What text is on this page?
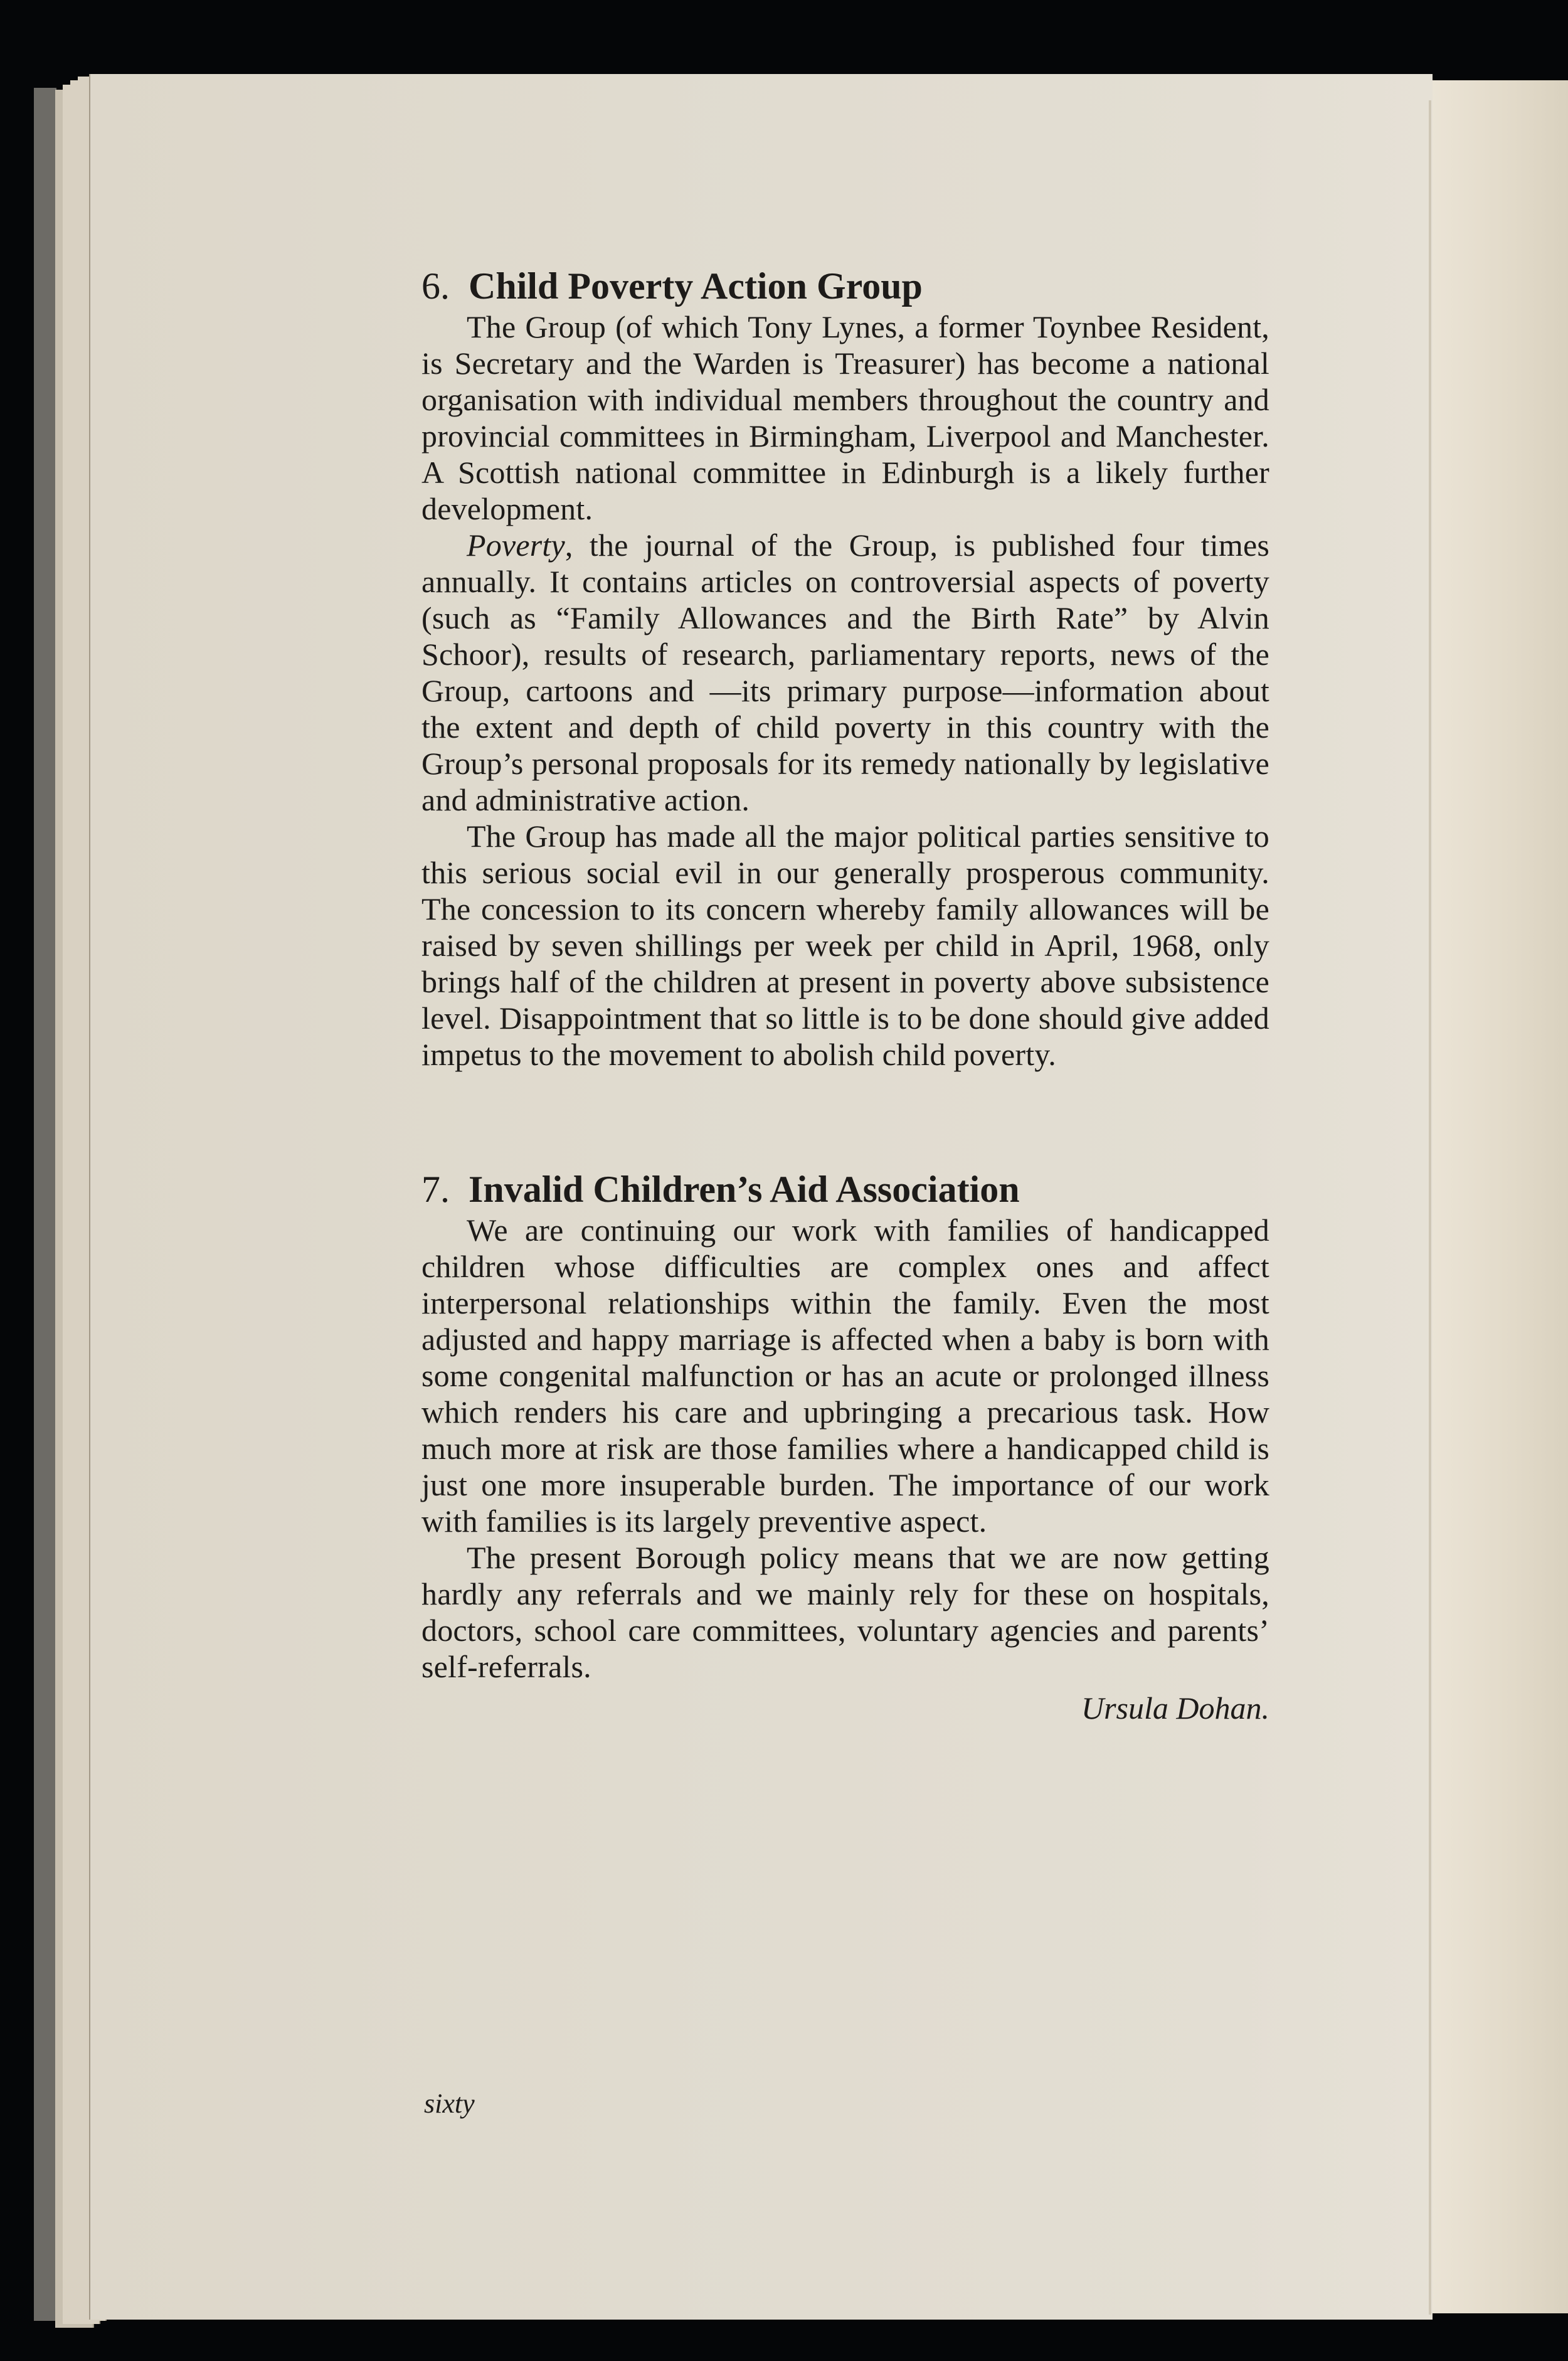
6. Child Poverty Action Group

The Group (of which Tony Lynes, a former Toynbee Resident, is Secretary and the Warden is Treasurer) has become a national organisation with individual members throughout the country and provincial committees in Birmingham, Liverpool and Manchester. A Scottish national committee in Edinburgh is a likely further development.

Poverty, the journal of the Group, is published four times annually. It contains articles on controversial aspects of poverty (such as “Family Allowances and the Birth Rate” by Alvin Schoor), results of research, parliamentary reports, news of the Group, cartoons and —its primary purpose—information about the extent and depth of child poverty in this country with the Group’s personal proposals for its remedy nationally by legislative and administrative action.

The Group has made all the major political parties sensitive to this serious social evil in our generally prosperous community. The concession to its concern whereby family allowances will be raised by seven shillings per week per child in April, 1968, only brings half of the children at present in poverty above subsistence level. Disappointment that so little is to be done should give added impetus to the movement to abolish child poverty.

7. Invalid Children’s Aid Association

We are continuing our work with families of handicapped children whose difficulties are complex ones and affect interpersonal relationships within the family. Even the most adjusted and happy marriage is affected when a baby is born with some congenital malfunction or has an acute or prolonged illness which renders his care and upbringing a precarious task. How much more at risk are those families where a handicapped child is just one more insuperable burden. The importance of our work with families is its largely preventive aspect.

The present Borough policy means that we are now getting hardly any referrals and we mainly rely for these on hospitals, doctors, school care committees, voluntary agencies and parents’ self-referrals.

Ursula Dohan.
sixty
